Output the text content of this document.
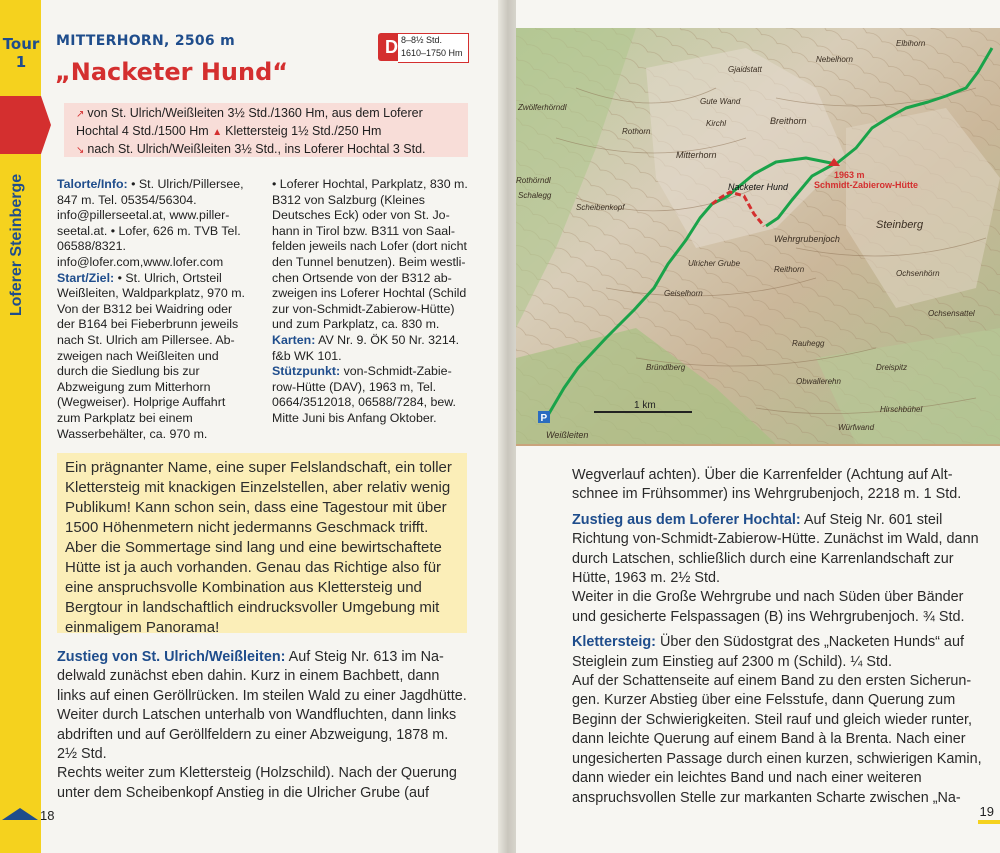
Tour
1
Loferer Steinberge
MITTERHORN, 2506 m
„Nacketer Hund“
D 8–8½ Std.
1610–1750 Hm
↗ von St. Ulrich/Weißleiten 3½ Std./1360 Hm, aus dem Loferer
Hochtal 4 Std./1500 Hm ▲ Klettersteig 1½ Std./250 Hm
↘ nach St. Ulrich/Weißleiten 3½ Std., ins Loferer Hochtal 3 Std.
Talorte/Info: • St. Ulrich/Pillersee, 847 m. Tel. 05354/56304. info@pillerseetal.at, www.pillerseetal.at. • Lofer, 626 m. TVB Tel. 06588/8321. info@lofer.com,www.lofer.com
Start/Ziel: • St. Ulrich, Ortsteil Weißleiten, Waldparkplatz, 970 m. Von der B312 bei Waidring oder der B164 bei Fieberbrunn jeweils nach St. Ulrich am Pillersee. Abzweigen nach Weißleiten und durch die Siedlung bis zur Abzweigung zum Mitterhorn (Wegweiser). Holprige Auffahrt zum Parkplatz bei einem Wasserbehälter, ca. 970 m.
• Loferer Hochtal, Parkplatz, 830 m. B312 von Salzburg (Kleines Deutsches Eck) oder von St. Johann in Tirol bzw. B311 von Saalfelden jeweils nach Lofer (dort nicht den Tunnel benutzen). Beim westlichen Ortsende von der B312 abzweigen ins Loferer Hochtal (Schild zur von-Schmidt-Zabierow-Hütte) und zum Parkplatz, ca. 830 m.
Karten: AV Nr. 9. ÖK 50 Nr. 3214. f&b WK 101.
Stützpunkt: von-Schmidt-Zabierow-Hütte (DAV), 1963 m, Tel. 0664/3512018, 06588/7284, bew. Mitte Juni bis Anfang Oktober.
Ein prägnanter Name, eine super Felslandschaft, ein toller Klettersteig mit knackigen Einzelstellen, aber relativ wenig Publikum! Kann schon sein, dass eine Tagestour mit über 1500 Höhenmetern nicht jedermanns Geschmack trifft. Aber die Sommertage sind lang und eine bewirtschaftete Hütte ist ja auch vorhanden. Genau das Richtige also für eine anspruchsvolle Kombination aus Klettersteig und Bergtour in landschaftlich eindrucksvoller Umgebung mit einmaligem Panorama!
Zustieg von St. Ulrich/Weißleiten: Auf Steig Nr. 613 im Nadelwald zunächst eben dahin. Kurz in einem Bachbett, dann links auf einen Geröllrücken. Im steilen Wald zu einer Jagdhütte. Weiter durch Latschen unterhalb von Wandfluchten, dann links abdriften und auf Geröllfeldern zu einer Abzweigung, 1878 m. 2½ Std.
Rechts weiter zum Klettersteig (Holzschild). Nach der Querung unter dem Scheibenkopf Anstieg in die Ulricher Grube (auf
18
P
1 km
Gjaidstatt
Nebelhorn
Elbihorn
Gute Wand
Breithorn
Kirchl
Rothorn
Mitterhorn
Nacketer Hund
Wehrgrubenjoch
Reithorn	Ochsenhörn
Geiselhorn
Bründlberg
Rauhegg
Dreispitz
Hirschbühel
Würfwand
Zwölferhörndl
Scheibenkopf
Weißleiten
Ochsensattel
Rothörndl
Schalegg
Obwallerehn
Ulricher Grube
Steinberg
1963 m
Schmidt-Zabierow-Hütte
Wegverlauf achten). Über die Karrenfelder (Achtung auf Altschnee im Frühsommer) ins Wehrgrubenjoch, 2218 m. 1 Std.
Zustieg aus dem Loferer Hochtal: Auf Steig Nr. 601 steil Richtung von-Schmidt-Zabierow-Hütte. Zunächst im Wald, dann durch Latschen, schließlich durch eine Karrenlandschaft zur Hütte, 1963 m. 2½ Std.
Weiter in die Große Wehrgrube und nach Süden über Bänder und gesicherte Felspassagen (B) ins Wehrgrubenjoch. ¾ Std.
Klettersteig: Über den Südostgrat des „Nacketen Hunds“ auf Steiglein zum Einstieg auf 2300 m (Schild). ¼ Std.
Auf der Schattenseite auf einem Band zu den ersten Sicherungen. Kurzer Abstieg über eine Felsstufe, dann Querung zum Beginn der Schwierigkeiten. Steil rauf und gleich wieder runter, dann leichte Querung auf einem Band à la Brenta. Nach einer ungesicherten Passage durch einen kurzen, schwierigen Kamin, dann wieder ein leichtes Band und nach einer weiteren anspruchsvollen Stelle zur markanten Scharte zwischen „Na-
19
